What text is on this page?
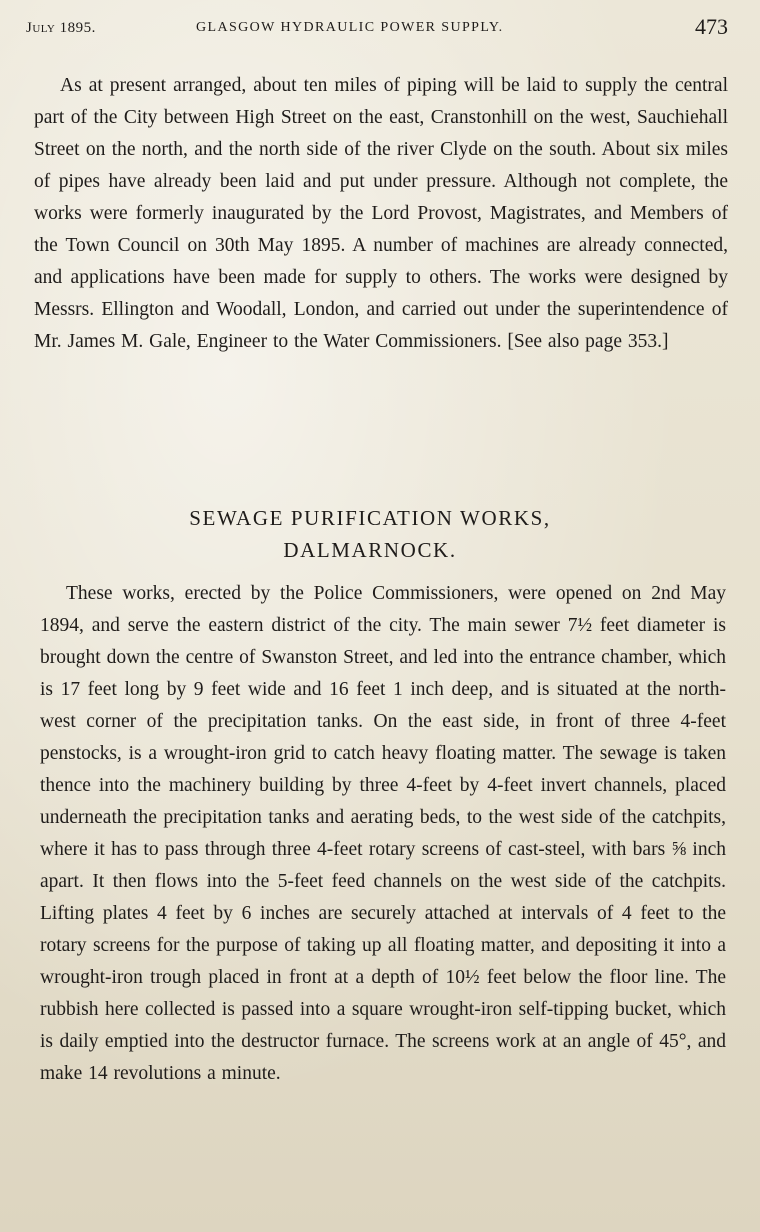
July 1895.	GLASGOW HYDRAULIC POWER SUPPLY.	473

As at present arranged, about ten miles of piping will be laid to supply the central part of the City between High Street on the east, Cranstonhill on the west, Sauchiehall Street on the north, and the north side of the river Clyde on the south. About six miles of pipes have already been laid and put under pressure. Although not complete, the works were formerly inaugurated by the Lord Provost, Magistrates, and Members of the Town Council on 30th May 1895. A number of machines are already connected, and applications have been made for supply to others. The works were designed by Messrs. Ellington and Woodall, London, and carried out under the superintendence of Mr. James M. Gale, Engineer to the Water Commissioners. [See also page 353.]

SEWAGE PURIFICATION WORKS,
DALMARNOCK.

These works, erected by the Police Commissioners, were opened on 2nd May 1894, and serve the eastern district of the city. The main sewer 7½ feet diameter is brought down the centre of Swanston Street, and led into the entrance chamber, which is 17 feet long by 9 feet wide and 16 feet 1 inch deep, and is situated at the north-west corner of the precipitation tanks. On the east side, in front of three 4-feet penstocks, is a wrought-iron grid to catch heavy floating matter. The sewage is taken thence into the machinery building by three 4-feet by 4-feet invert channels, placed underneath the precipitation tanks and aerating beds, to the west side of the catchpits, where it has to pass through three 4-feet rotary screens of cast-steel, with bars ⅝ inch apart. It then flows into the 5-feet feed channels on the west side of the catchpits. Lifting plates 4 feet by 6 inches are securely attached at intervals of 4 feet to the rotary screens for the purpose of taking up all floating matter, and depositing it into a wrought-iron trough placed in front at a depth of 10½ feet below the floor line. The rubbish here collected is passed into a square wrought-iron self-tipping bucket, which is daily emptied into the destructor furnace. The screens work at an angle of 45°, and make 14 revolutions a minute.
